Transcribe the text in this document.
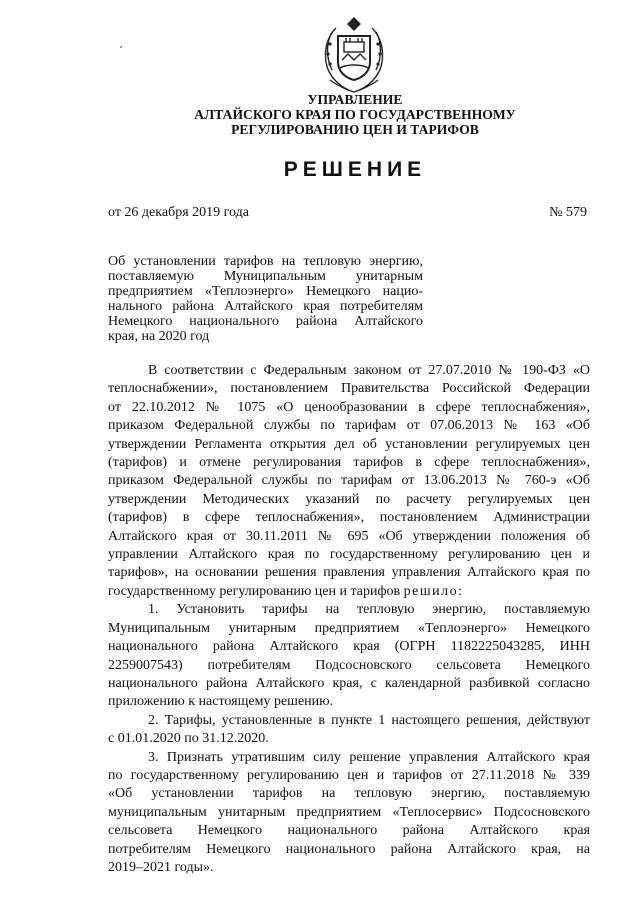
УПРАВЛЕНИЕ
АЛТАЙСКОГО КРАЯ ПО ГОСУДАРСТВЕННОМУ
РЕГУЛИРОВАНИЮ ЦЕН И ТАРИФОВ
РЕШЕНИЕ
от 26 декабря 2019 года	№ 579
Об установлении тарифов на тепловую энергию,
поставляемую Муниципальным унитарным
предприятием «Теплоэнерго» Немецкого нацио-
нального района Алтайского края потребителям
Немецкого национального района Алтайского
края, на 2020 год
В соответствии с Федеральным законом от 27.07.2010 № 190-ФЗ «О
теплоснабжении», постановлением Правительства Российской Федерации
от 22.10.2012 № 1075 «О ценообразовании в сфере теплоснабжения»,
приказом Федеральной службы по тарифам от 07.06.2013 № 163 «Об
утверждении Регламента открытия дел об установлении регулируемых цен
(тарифов) и отмене регулирования тарифов в сфере теплоснабжения»,
приказом Федеральной службы по тарифам от 13.06.2013 № 760-э «Об
утверждении Методических указаний по расчету регулируемых цен
(тарифов) в сфере теплоснабжения», постановлением Администрации
Алтайского края от 30.11.2011 № 695 «Об утверждении положения об
управлении Алтайского края по государственному регулированию цен и
тарифов», на основании решения правления управления Алтайского края по
государственному регулированию цен и тарифов решило:
1. Установить тарифы на тепловую энергию, поставляемую
Муниципальным унитарным предприятием «Теплоэнерго» Немецкого
национального района Алтайского края (ОГРН 1182225043285, ИНН
2259007543) потребителям Подсосновского сельсовета Немецкого
национального района Алтайского края, с календарной разбивкой согласно
приложению к настоящему решению.
2. Тарифы, установленные в пункте 1 настоящего решения, действуют
с 01.01.2020 по 31.12.2020.
3. Признать утратившим силу решение управления Алтайского края
по государственному регулированию цен и тарифов от 27.11.2018 № 339
«Об установлении тарифов на тепловую энергию, поставляемую
муниципальным унитарным предприятием «Теплосервис» Подсосновского
сельсовета Немецкого национального района Алтайского края
потребителям Немецкого национального района Алтайского края, на
2019–2021 годы».
